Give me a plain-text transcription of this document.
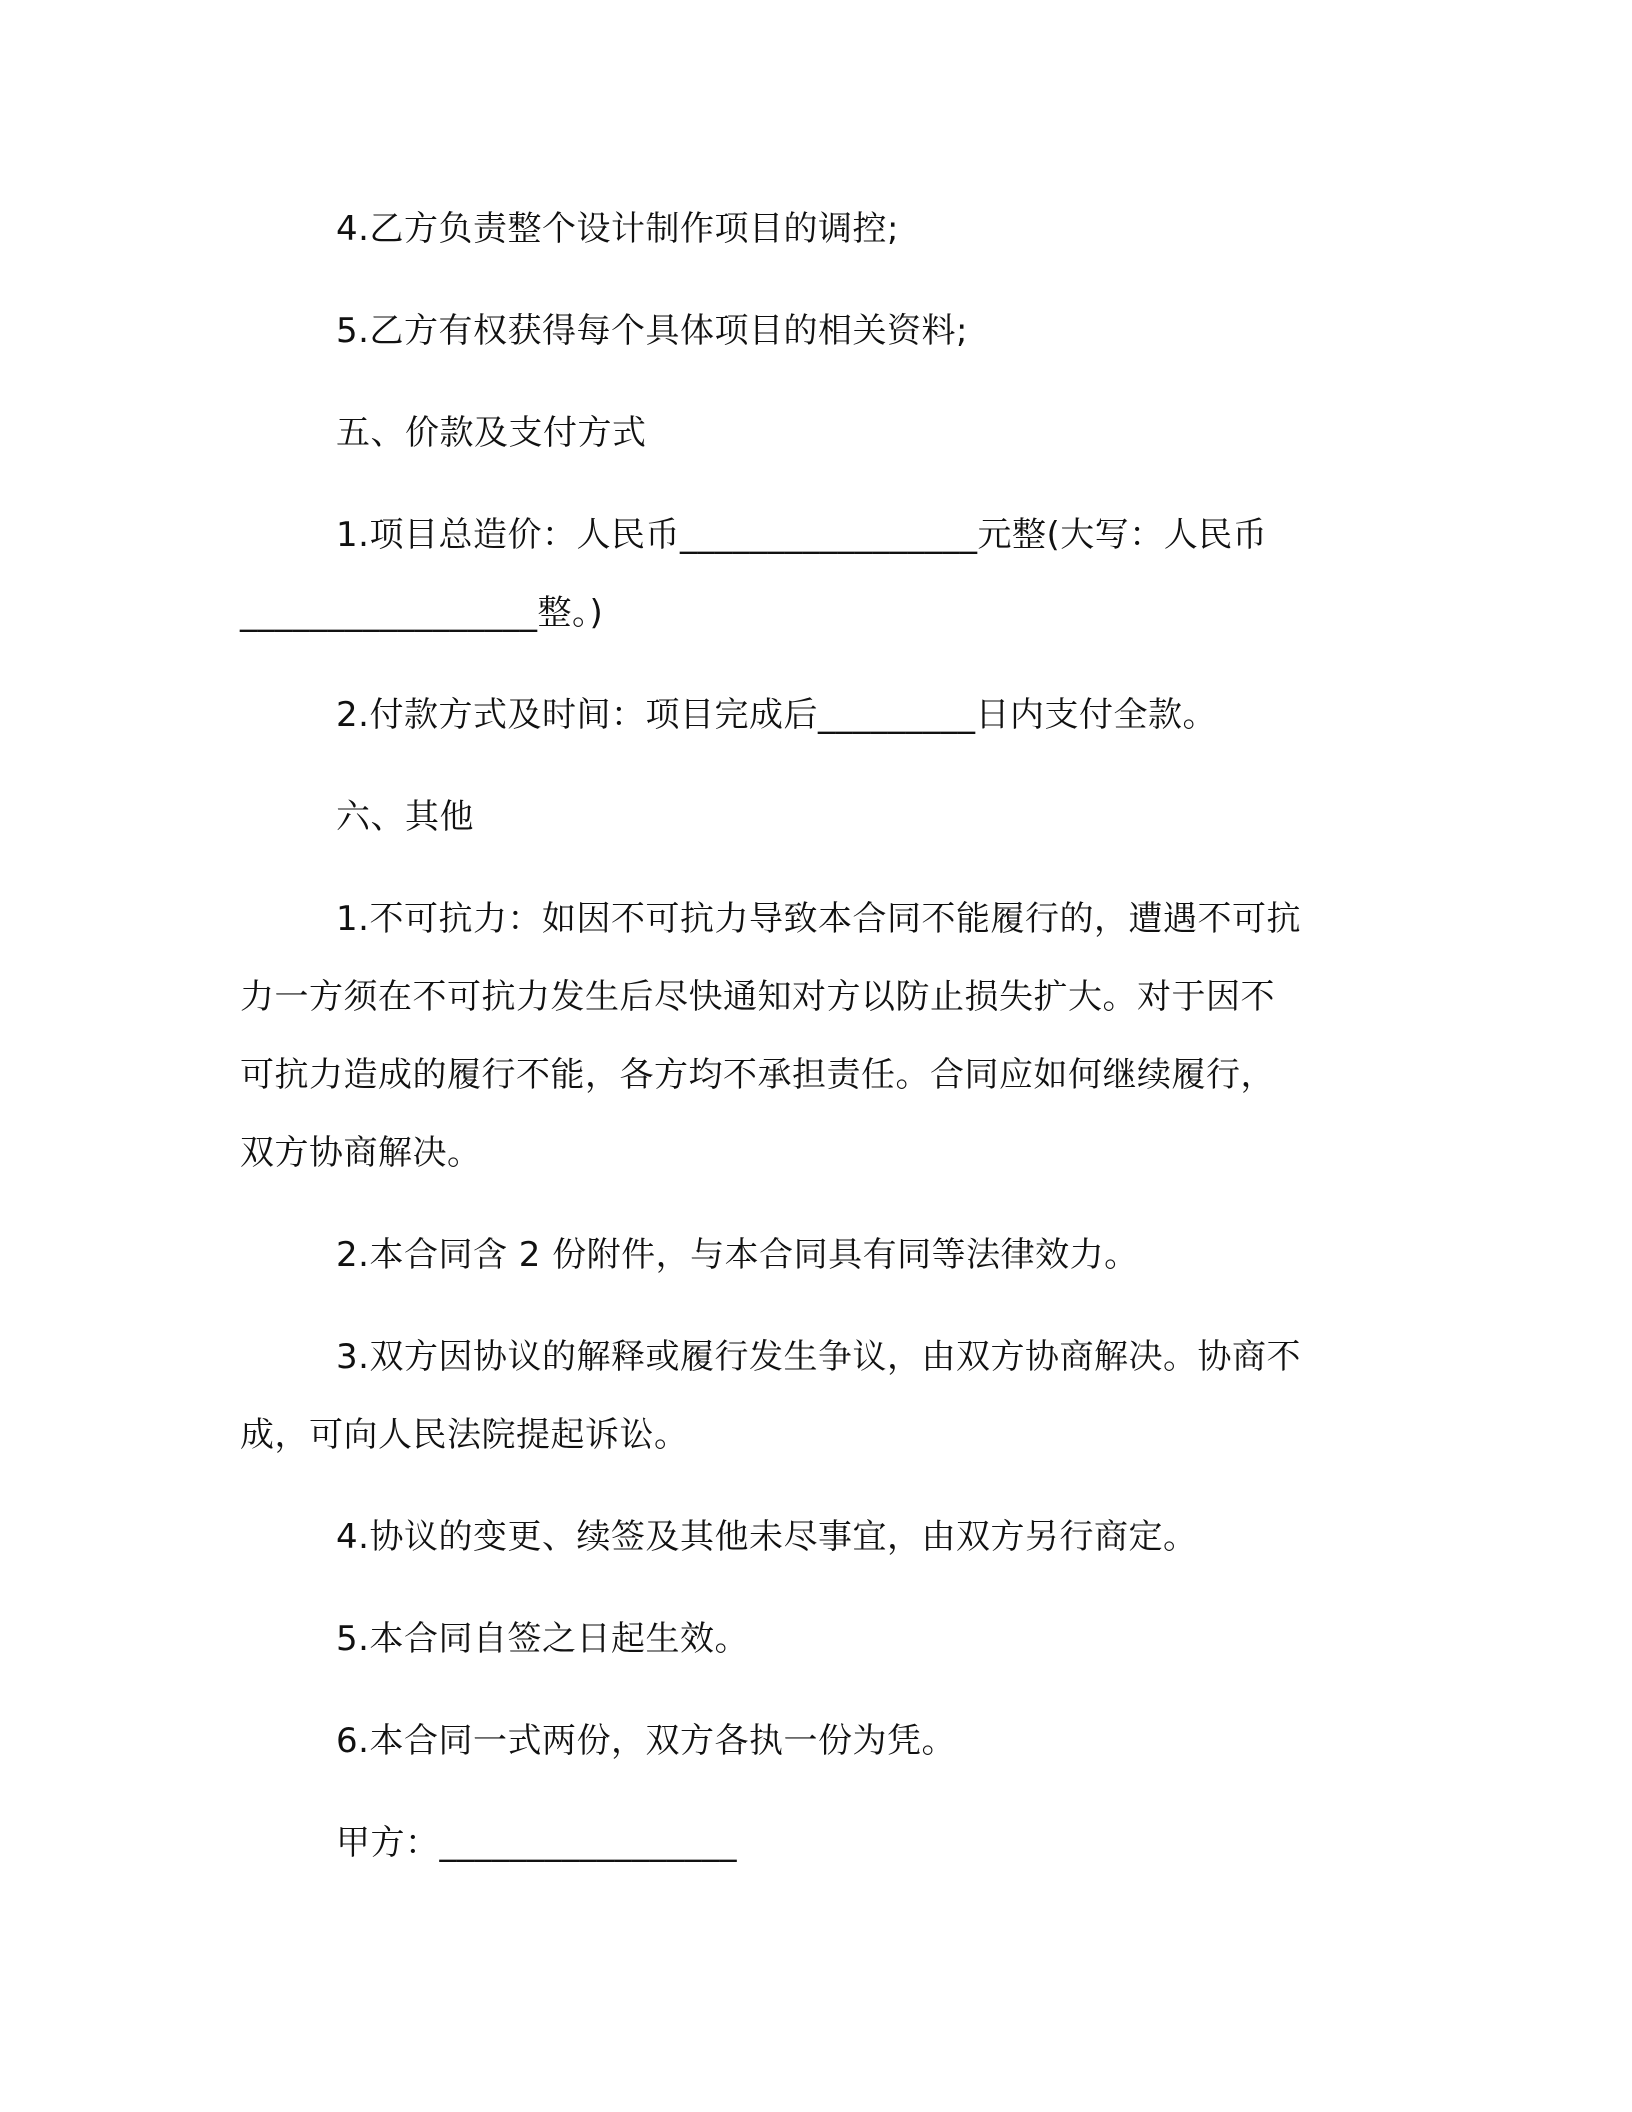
4.乙方负责整个设计制作项目的调控;
5.乙方有权获得每个具体项目的相关资料;
五、价款及支付方式
1.项目总造价：人民币_________________元整(大写：人民币
_________________整。)
2.付款方式及时间：项目完成后_________日内支付全款。
六、其他
1.不可抗力：如因不可抗力导致本合同不能履行的，遭遇不可抗
力一方须在不可抗力发生后尽快通知对方以防止损失扩大。对于因不
可抗力造成的履行不能，各方均不承担责任。合同应如何继续履行，
双方协商解决。
2.本合同含 2 份附件，与本合同具有同等法律效力。
3.双方因协议的解释或履行发生争议，由双方协商解决。协商不
成，可向人民法院提起诉讼。
4.协议的变更、续签及其他未尽事宜，由双方另行商定。
5.本合同自签之日起生效。
6.本合同一式两份，双方各执一份为凭。
甲方：_________________
